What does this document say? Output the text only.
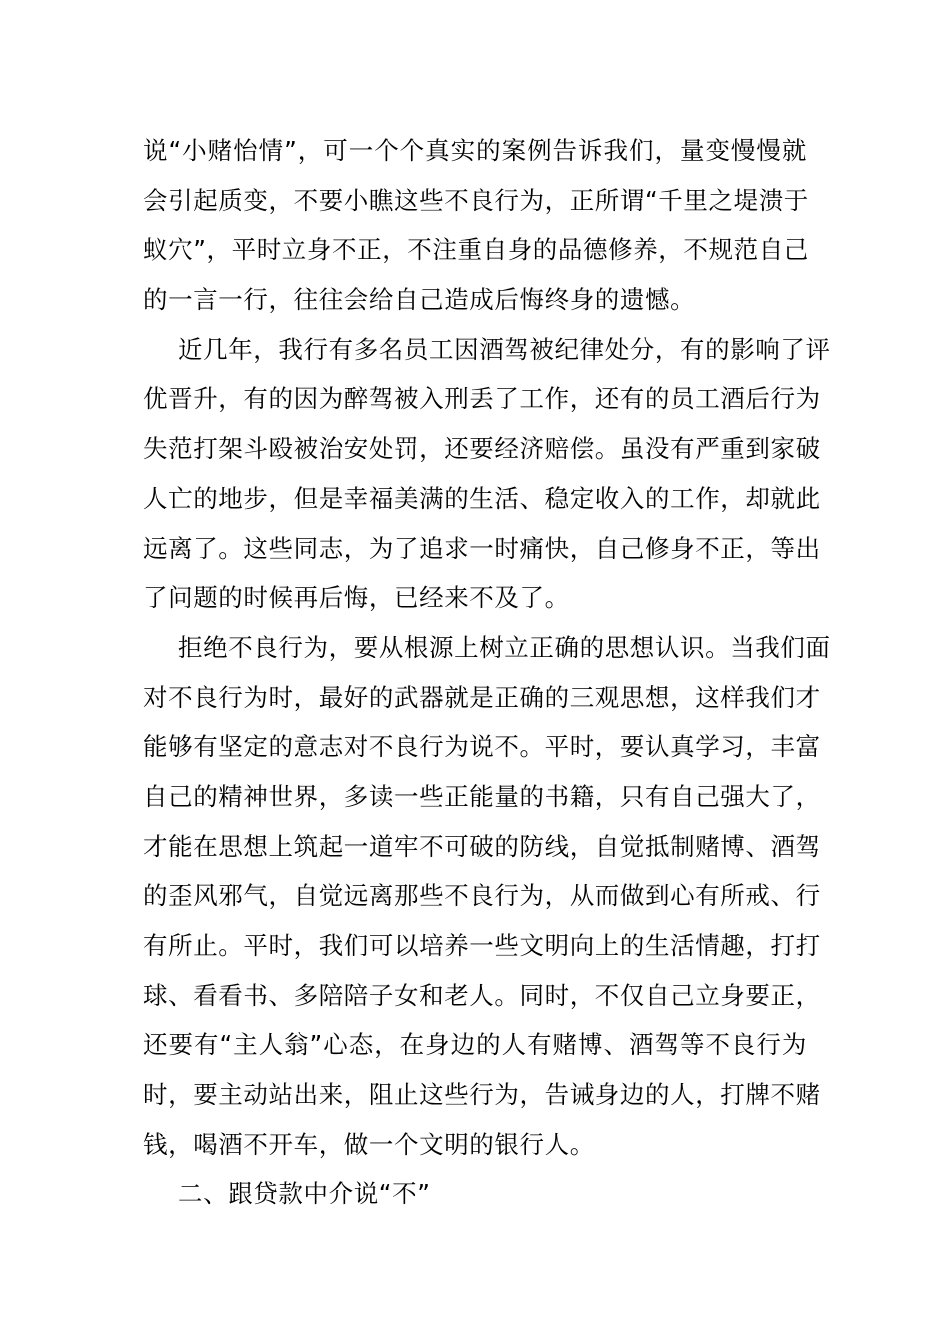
说“小赌怡情”，可一个个真实的案例告诉我们，量变慢慢就
会引起质变，不要小瞧这些不良行为，正所谓“千里之堤溃于
蚁穴”，平时立身不正，不注重自身的品德修养，不规范自己
的一言一行，往往会给自己造成后悔终身的遗憾。
近几年，我行有多名员工因酒驾被纪律处分，有的影响了评
优晋升，有的因为醉驾被入刑丢了工作，还有的员工酒后行为
失范打架斗殴被治安处罚，还要经济赔偿。虽没有严重到家破
人亡的地步，但是幸福美满的生活、稳定收入的工作，却就此
远离了。这些同志，为了追求一时痛快，自己修身不正，等出
了问题的时候再后悔，已经来不及了。
拒绝不良行为，要从根源上树立正确的思想认识。当我们面
对不良行为时，最好的武器就是正确的三观思想，这样我们才
能够有坚定的意志对不良行为说不。平时，要认真学习，丰富
自己的精神世界，多读一些正能量的书籍，只有自己强大了，
才能在思想上筑起一道牢不可破的防线，自觉抵制赌博、酒驾
的歪风邪气，自觉远离那些不良行为，从而做到心有所戒、行
有所止。平时，我们可以培养一些文明向上的生活情趣，打打
球、看看书、多陪陪子女和老人。同时，不仅自己立身要正，
还要有“主人翁”心态，在身边的人有赌博、酒驾等不良行为
时，要主动站出来，阻止这些行为，告诫身边的人，打牌不赌
钱，喝酒不开车，做一个文明的银行人。
二、跟贷款中介说“不”
